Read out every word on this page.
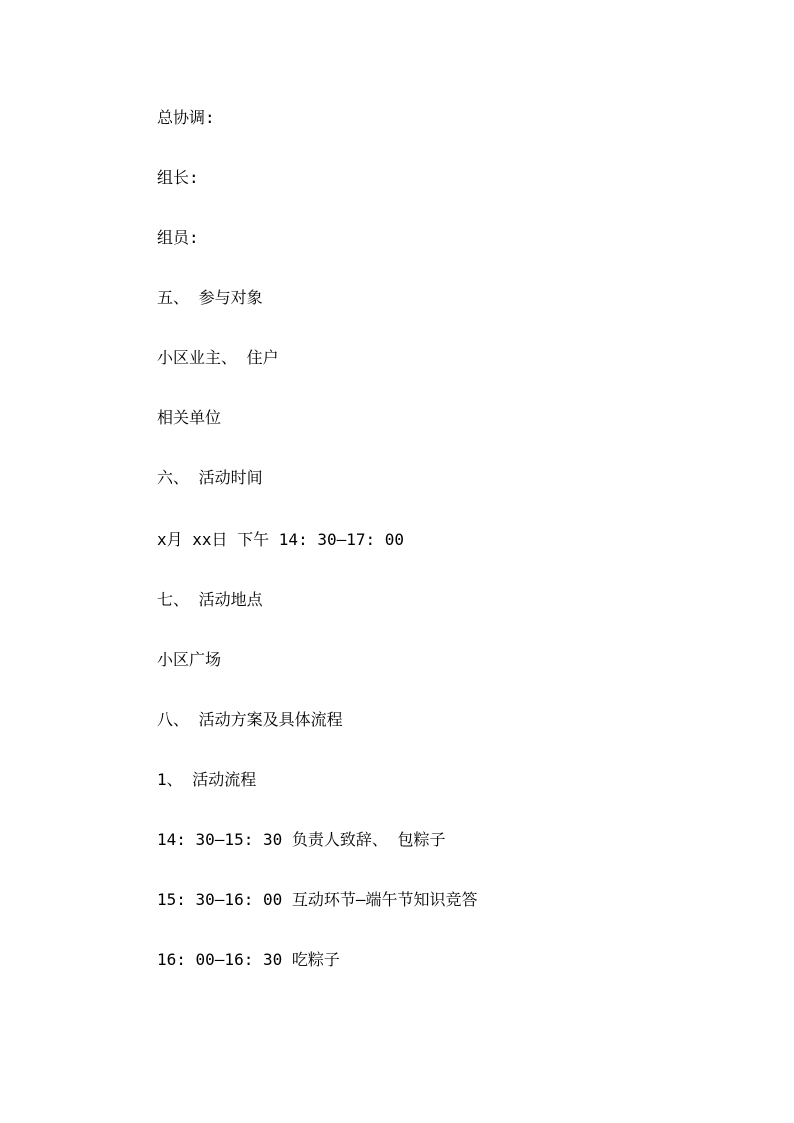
总协调:

组长:

组员:

五、 参与对象

小区业主、 住户

相关单位

六、 活动时间

x月 xx日 下午 14: 30—17: 00

七、 活动地点

小区广场

八、 活动方案及具体流程

1、 活动流程

14: 30—15: 30 负责人致辞、 包粽子

15: 30—16: 00 互动环节—端午节知识竞答

16: 00—16: 30 吃粽子
